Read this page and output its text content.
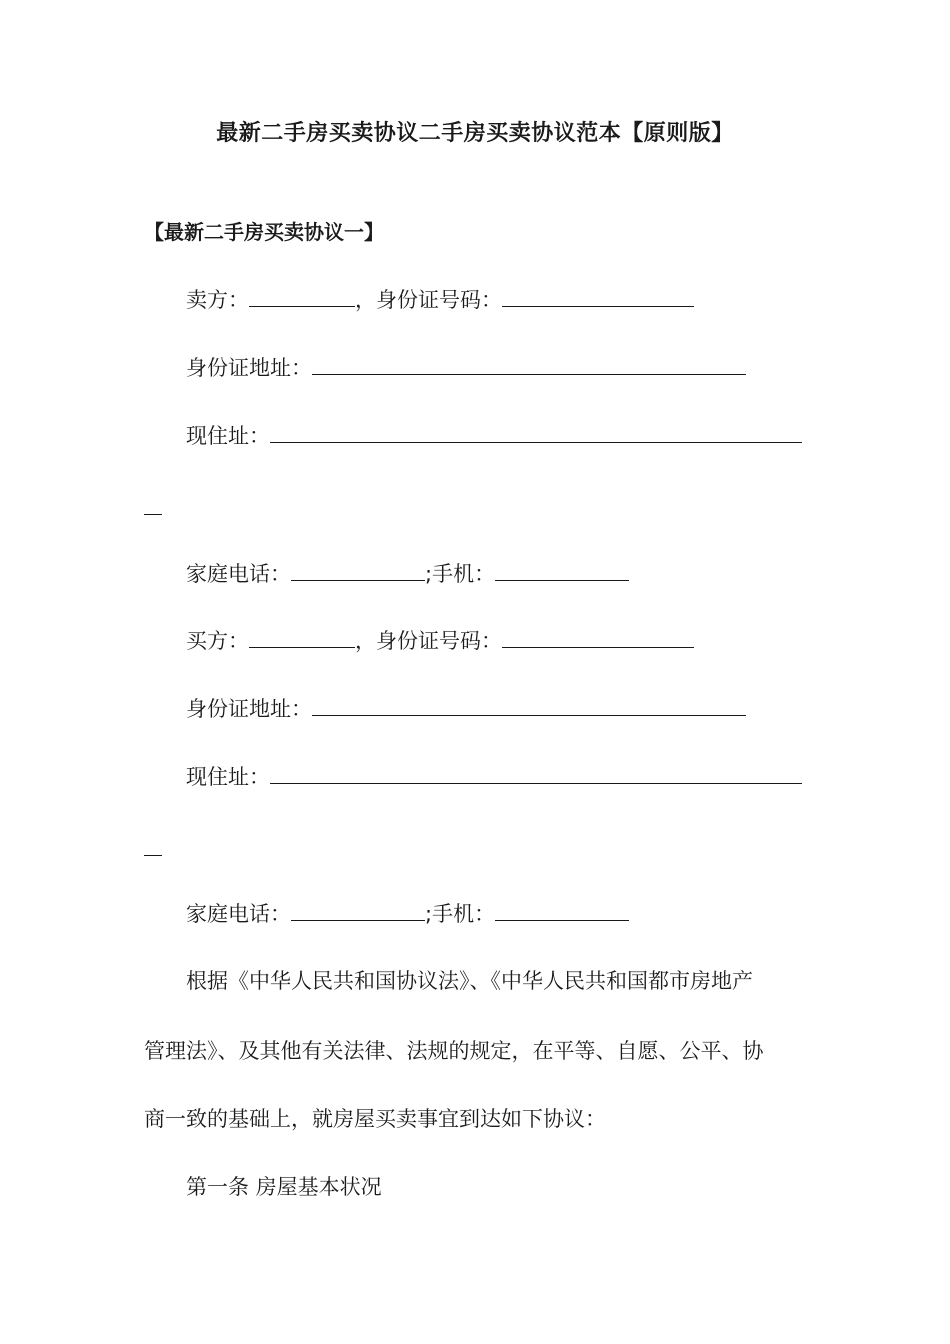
最新二手房买卖协议二手房买卖协议范本【原则版】
【最新二手房买卖协议一】
卖方：	，身份证号码：
身份证地址：
现住址：
家庭电话：	;手机：
买方：	，身份证号码：
身份证地址：
现住址：
家庭电话：	;手机：
根据《中华人民共和国协议法》、《中华人民共和国都市房地产
管理法》、及其他有关法律、法规的规定，在平等、自愿、公平、协
商一致的基础上，就房屋买卖事宜到达如下协议：
第一条 房屋基本状况
